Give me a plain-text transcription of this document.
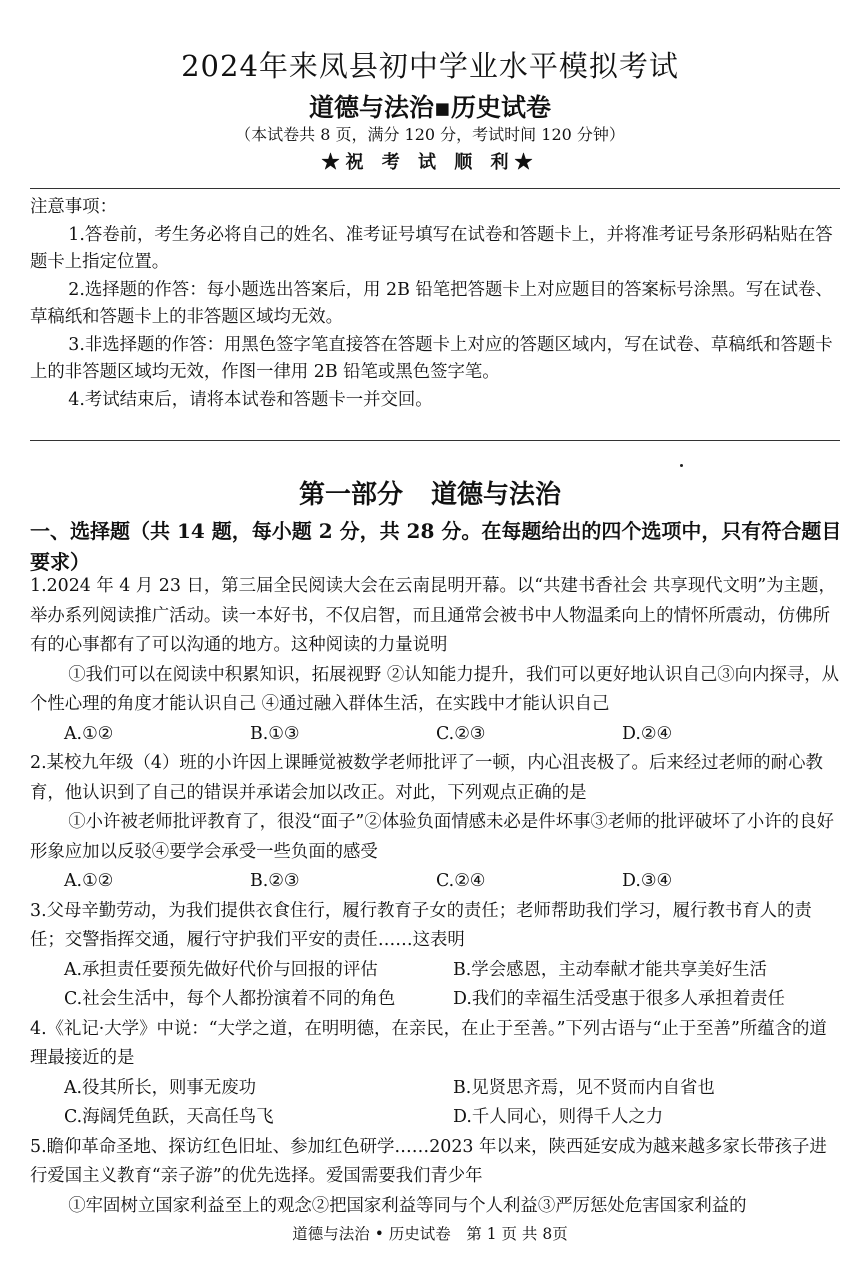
2024年来凤县初中学业水平模拟考试
道德与法治▪历史试卷
（本试卷共 8 页，满分 120 分，考试时间 120 分钟）
★祝 考 试 顺 利★

注意事项：

1.答卷前，考生务必将自己的姓名、准考证号填写在试卷和答题卡上，并将准考证号条形码粘贴在答题卡上指定位置。

2.选择题的作答：每小题选出答案后，用 2B 铅笔把答题卡上对应题目的答案标号涂黑。写在试卷、草稿纸和答题卡上的非答题区域均无效。

3.非选择题的作答：用黑色签字笔直接答在答题卡上对应的答题区域内，写在试卷、草稿纸和答题卡上的非答题区域均无效，作图一律用 2B 铅笔或黑色签字笔。

4.考试结束后，请将本试卷和答题卡一并交回。

第一部分 道德与法治
一、选择题（共 14 题，每小题 2 分，共 28 分。在每题给出的四个选项中，只有符合题目要求）

1.2024 年 4 月 23 日，第三届全民阅读大会在云南昆明开幕。以“共建书香社会 共享现代文明”为主题，举办系列阅读推广活动。读一本好书，不仅启智，而且通常会被书中人物温柔向上的情怀所震动，仿佛所有的心事都有了可以沟通的地方。这种阅读的力量说明

①我们可以在阅读中积累知识，拓展视野 ②认知能力提升，我们可以更好地认识自己③向内探寻，从个性心理的角度才能认识自己 ④通过融入群体生活，在实践中才能认识自己

A.①②	B.①③	C.②③	D.②④

2.某校九年级（4）班的小许因上课睡觉被数学老师批评了一顿，内心沮丧极了。后来经过老师的耐心教育，他认识到了自己的错误并承诺会加以改正。对此，下列观点正确的是

①小许被老师批评教育了，很没“面子”②体验负面情感未必是件坏事③老师的批评破坏了小许的良好形象应加以反驳④要学会承受一些负面的感受

A.①②	B.②③	C.②④	D.③④

3.父母辛勤劳动，为我们提供衣食住行，履行教育子女的责任；老师帮助我们学习，履行教书育人的责任；交警指挥交通，履行守护我们平安的责任……这表明

A.承担责任要预先做好代价与回报的评估	B.学会感恩，主动奉献才能共享美好生活
C.社会生活中，每个人都扮演着不同的角色	D.我们的幸福生活受惠于很多人承担着责任

4.《礼记·大学》中说：“大学之道，在明明德，在亲民，在止于至善。”下列古语与“止于至善”所蕴含的道理最接近的是

A.役其所长，则事无废功	B.见贤思齐焉，见不贤而内自省也
C.海阔凭鱼跃，天高任鸟飞	D.千人同心，则得千人之力

5.瞻仰革命圣地、探访红色旧址、参加红色研学……2023 年以来，陕西延安成为越来越多家长带孩子进行爱国主义教育“亲子游”的优先选择。爱国需要我们青少年

①牢固树立国家利益至上的观念②把国家利益等同与个人利益③严厉惩处危害国家利益的

道德与法治 • 历史试卷　第 1 页 共 8页
